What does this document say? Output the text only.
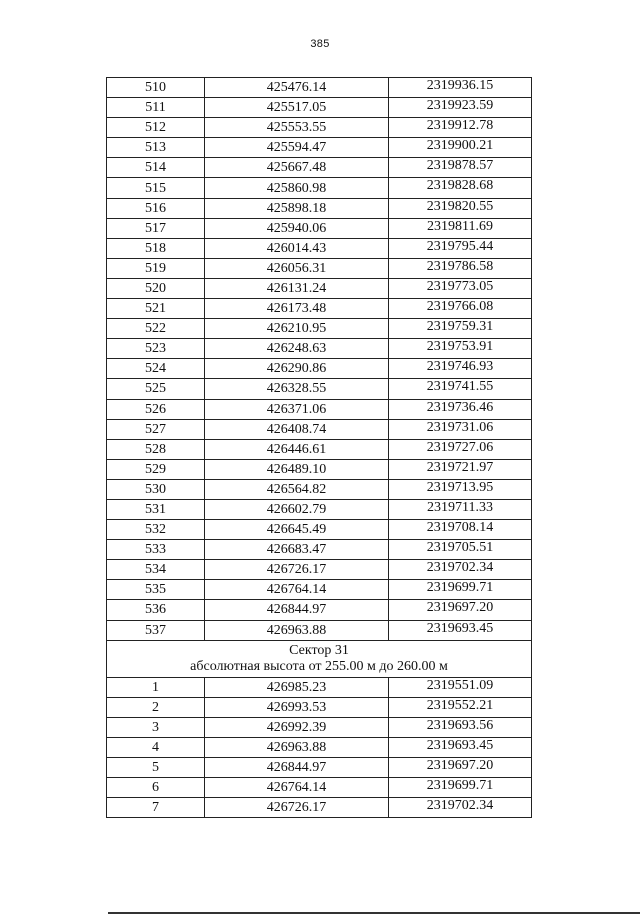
385
510	425476.14	2319936.15
511	425517.05	2319923.59
512	425553.55	2319912.78
513	425594.47	2319900.21
514	425667.48	2319878.57
515	425860.98	2319828.68
516	425898.18	2319820.55
517	425940.06	2319811.69
518	426014.43	2319795.44
519	426056.31	2319786.58
520	426131.24	2319773.05
521	426173.48	2319766.08
522	426210.95	2319759.31
523	426248.63	2319753.91
524	426290.86	2319746.93
525	426328.55	2319741.55
526	426371.06	2319736.46
527	426408.74	2319731.06
528	426446.61	2319727.06
529	426489.10	2319721.97
530	426564.82	2319713.95
531	426602.79	2319711.33
532	426645.49	2319708.14
533	426683.47	2319705.51
534	426726.17	2319702.34
535	426764.14	2319699.71
536	426844.97	2319697.20
537	426963.88	2319693.45

Сектор 31
абсолютная высота от 255.00 м до 260.00 м		

1	426985.23	2319551.09
2	426993.53	2319552.21
3	426992.39	2319693.56
4	426963.88	2319693.45
5	426844.97	2319697.20
6	426764.14	2319699.71
7	426726.17	2319702.34
